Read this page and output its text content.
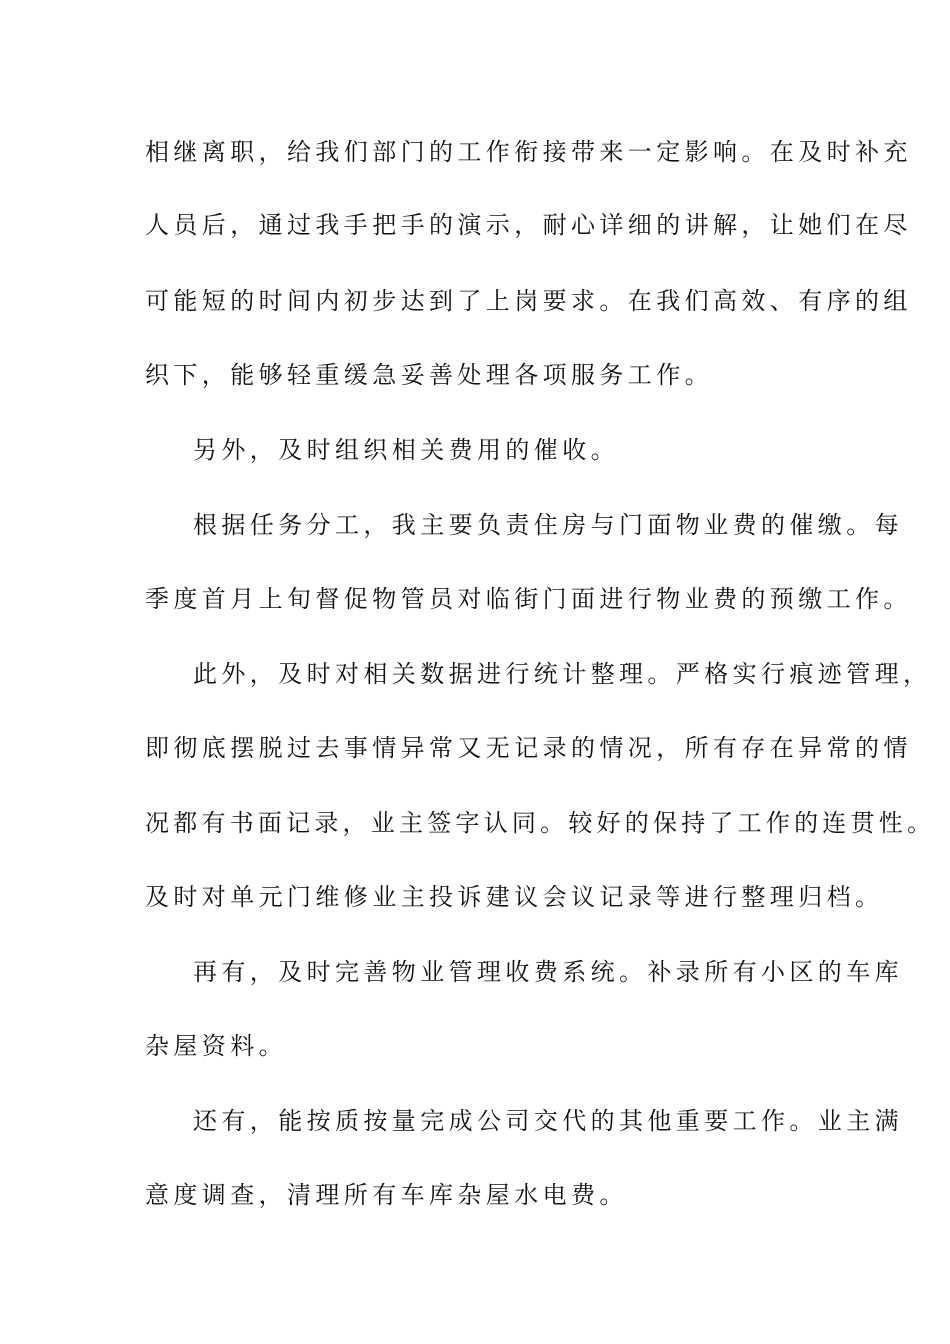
相继离职，给我们部门的工作衔接带来一定影响。在及时补充
人员后，通过我手把手的演示，耐心详细的讲解，让她们在尽
可能短的时间内初步达到了上岗要求。在我们高效、有序的组
织下，能够轻重缓急妥善处理各项服务工作。
另外，及时组织相关费用的催收。
根据任务分工，我主要负责住房与门面物业费的催缴。每
季度首月上旬督促物管员对临街门面进行物业费的预缴工作。
此外，及时对相关数据进行统计整理。严格实行痕迹管理，
即彻底摆脱过去事情异常又无记录的情况，所有存在异常的情
况都有书面记录，业主签字认同。较好的保持了工作的连贯性。
及时对单元门维修业主投诉建议会议记录等进行整理归档。
再有，及时完善物业管理收费系统。补录所有小区的车库
杂屋资料。
还有，能按质按量完成公司交代的其他重要工作。业主满
意度调查，清理所有车库杂屋水电费。
